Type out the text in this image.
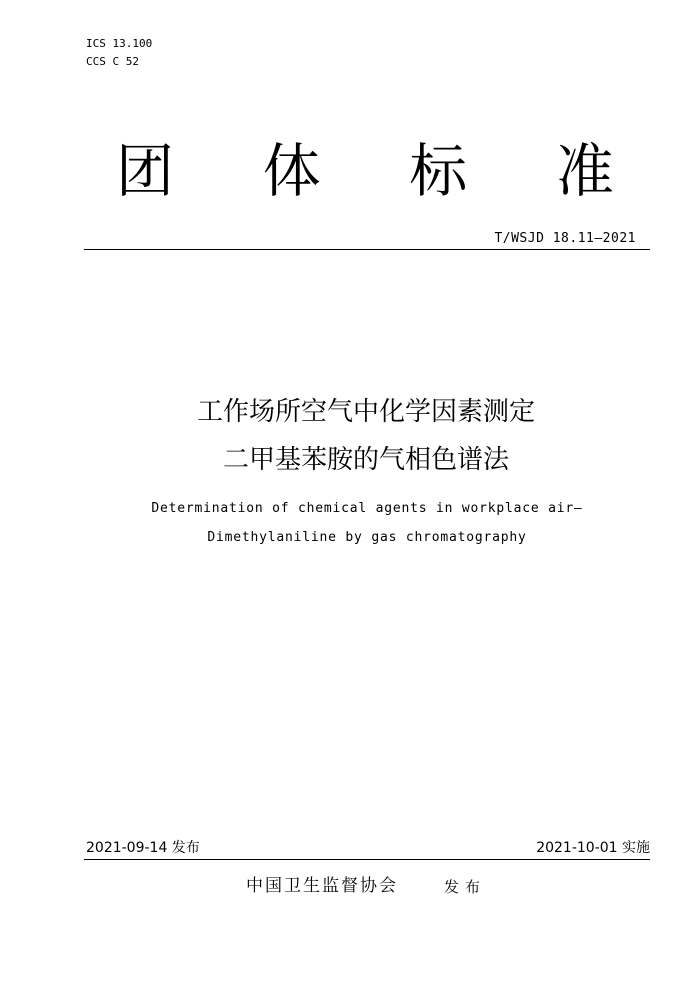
ICS 13.100
CCS C 52
团 体 标 准
T/WSJD 18.11—2021
工作场所空气中化学因素测定
二甲基苯胺的气相色谱法
Determination of chemical agents in workplace air—
Dimethylaniline by gas chromatography
2021-09-14 发布	2021-10-01 实施
中国卫生监督协会	发布
